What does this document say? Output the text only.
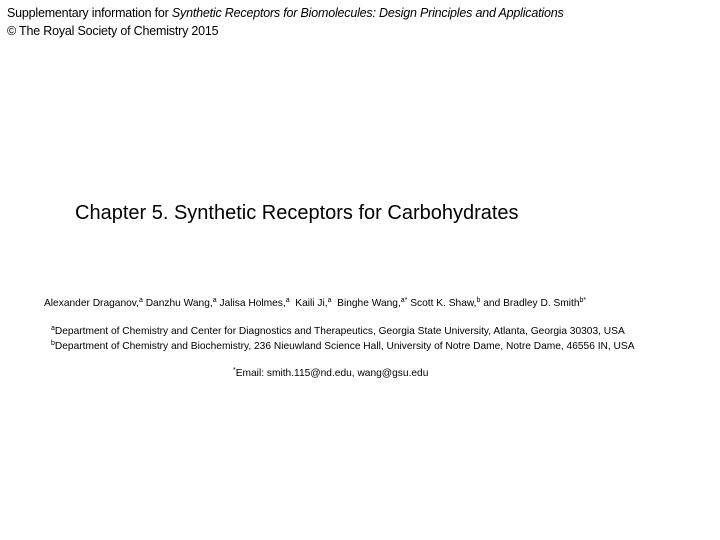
Supplementary information for Synthetic Receptors for Biomolecules: Design Principles and Applications
© The Royal Society of Chemistry 2015
Chapter 5. Synthetic Receptors for Carbohydrates
Alexander Draganov,$^a$ Danzhu Wang,$^a$ Jalisa Holmes,$^a$ Kaili Ji,$^a$ Binghe Wang,$^{a*}$ Scott K. Shaw,$^b$ and Bradley D. Smith$^{b*}$
$^a$Department of Chemistry and Center for Diagnostics and Therapeutics, Georgia State University, Atlanta, Georgia 30303, USA
$^b$Department of Chemistry and Biochemistry, 236 Nieuwland Science Hall, University of Notre Dame, Notre Dame, 46556 IN, USA
*Email: smith.115@nd.edu, wang@gsu.edu
